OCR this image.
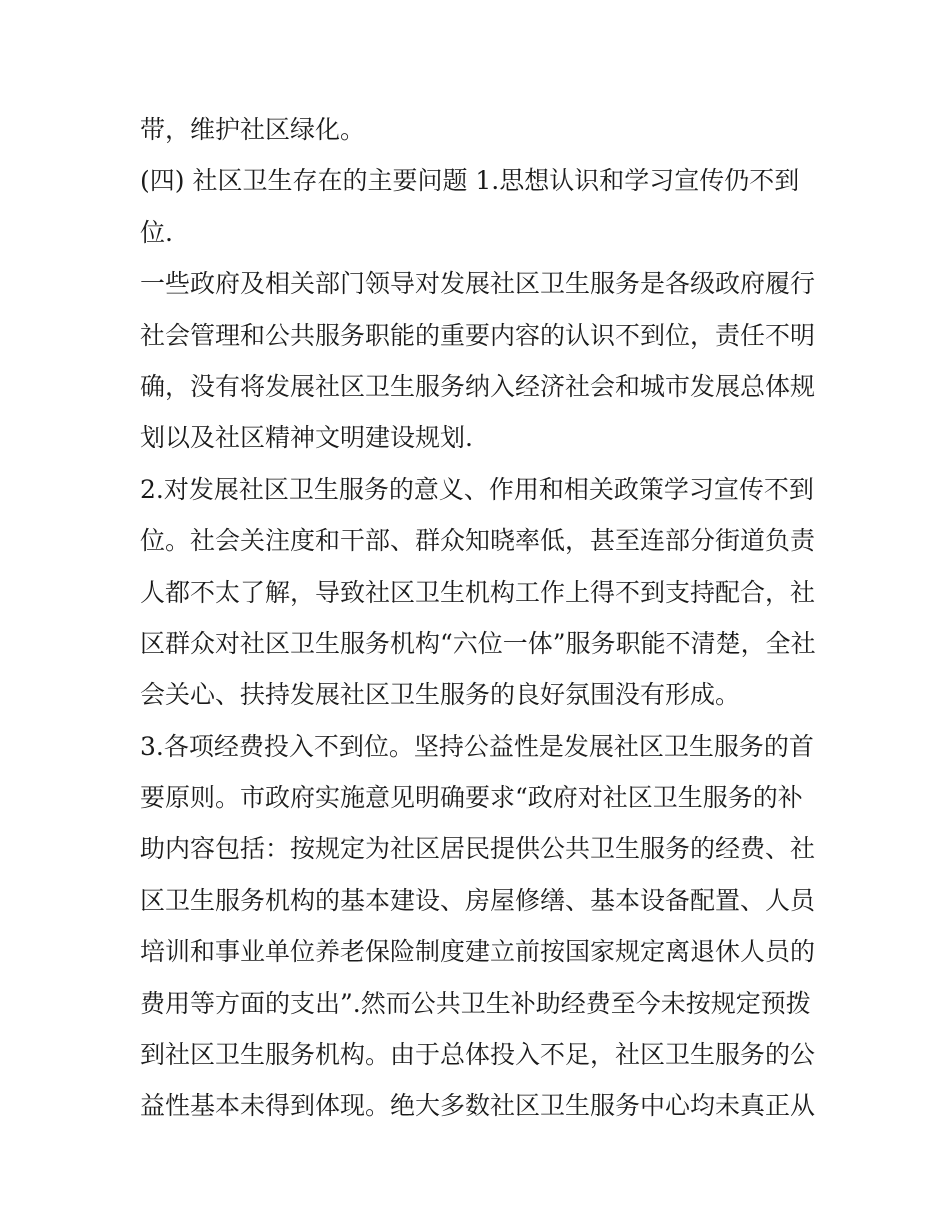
带，维护社区绿化。
(四) 社区卫生存在的主要问题 1.思想认识和学习宣传仍不到
位.
一些政府及相关部门领导对发展社区卫生服务是各级政府履行
社会管理和公共服务职能的重要内容的认识不到位，责任不明
确，没有将发展社区卫生服务纳入经济社会和城市发展总体规
划以及社区精神文明建设规划.
2.对发展社区卫生服务的意义、作用和相关政策学习宣传不到
位。社会关注度和干部、群众知晓率低，甚至连部分街道负责
人都不太了解，导致社区卫生机构工作上得不到支持配合，社
区群众对社区卫生服务机构“六位一体”服务职能不清楚，全社
会关心、扶持发展社区卫生服务的良好氛围没有形成。
3.各项经费投入不到位。坚持公益性是发展社区卫生服务的首
要原则。市政府实施意见明确要求“政府对社区卫生服务的补
助内容包括：按规定为社区居民提供公共卫生服务的经费、社
区卫生服务机构的基本建设、房屋修缮、基本设备配置、人员
培训和事业单位养老保险制度建立前按国家规定离退休人员的
费用等方面的支出”.然而公共卫生补助经费至今未按规定预拨
到社区卫生服务机构。由于总体投入不足，社区卫生服务的公
益性基本未得到体现。绝大多数社区卫生服务中心均未真正从
